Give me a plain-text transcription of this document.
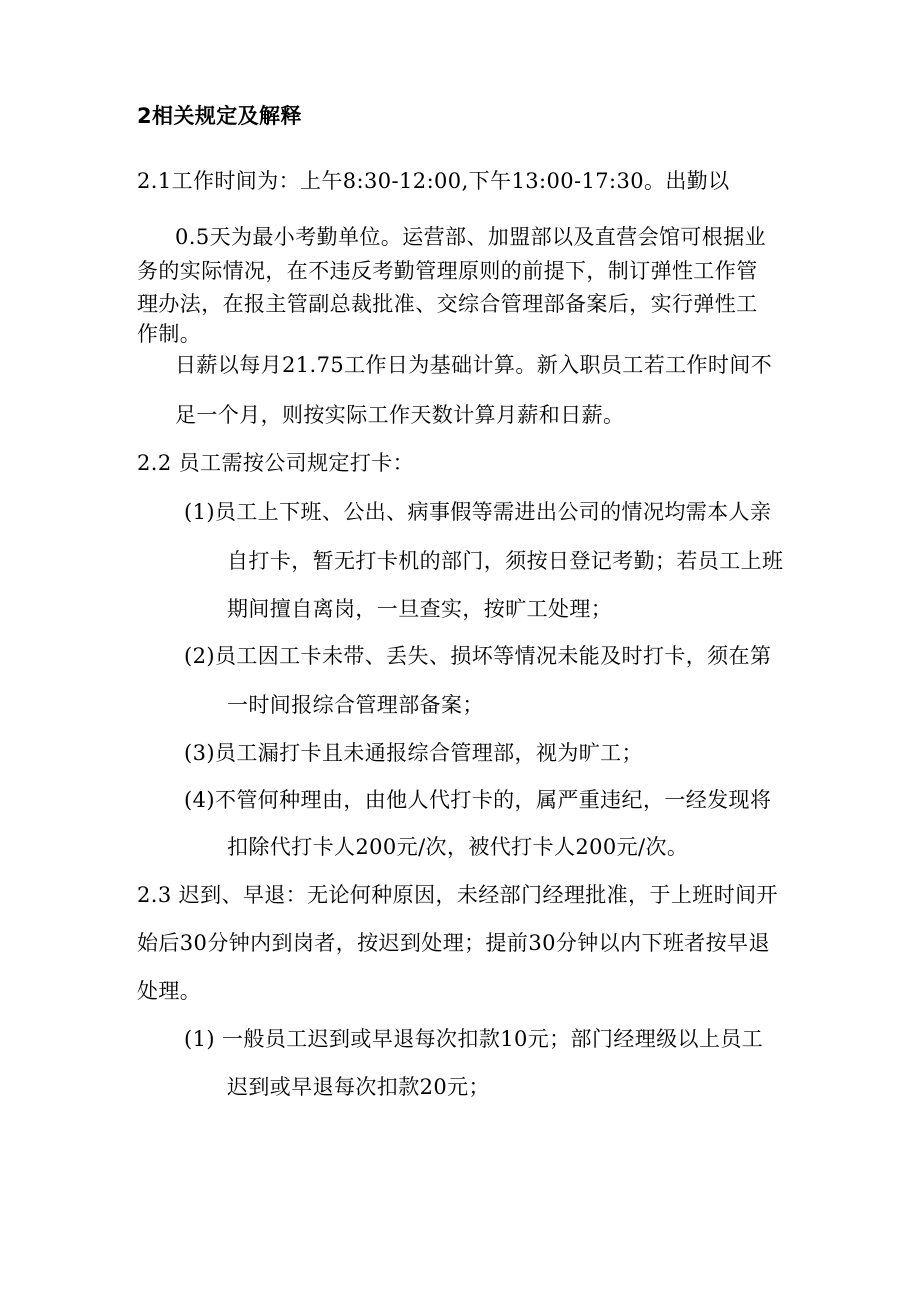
2相关规定及解释
2.1工作时间为：上午8:30-12:00,下午13:00-17:30。出勤以
0.5天为最小考勤单位。运营部、加盟部以及直营会馆可根据业
务的实际情况，在不违反考勤管理原则的前提下，制订弹性工作管
理办法，在报主管副总裁批准、交综合管理部备案后，实行弹性工
作制。
日薪以每月21.75工作日为基础计算。新入职员工若工作时间不
足一个月，则按实际工作天数计算月薪和日薪。
2.2 员工需按公司规定打卡：
(1)员工上下班、公出、病事假等需进出公司的情况均需本人亲
自打卡，暂无打卡机的部门，须按日登记考勤；若员工上班
期间擅自离岗，一旦查实，按旷工处理；
(2)员工因工卡未带、丢失、损坏等情况未能及时打卡，须在第
一时间报综合管理部备案；
(3)员工漏打卡且未通报综合管理部，视为旷工；
(4)不管何种理由，由他人代打卡的，属严重违纪，一经发现将
扣除代打卡人200元/次，被代打卡人200元/次。
2.3 迟到、早退：无论何种原因，未经部门经理批准，于上班时间开
始后30分钟内到岗者，按迟到处理；提前30分钟以内下班者按早退
处理。
(1) 一般员工迟到或早退每次扣款10元；部门经理级以上员工
迟到或早退每次扣款20元；
